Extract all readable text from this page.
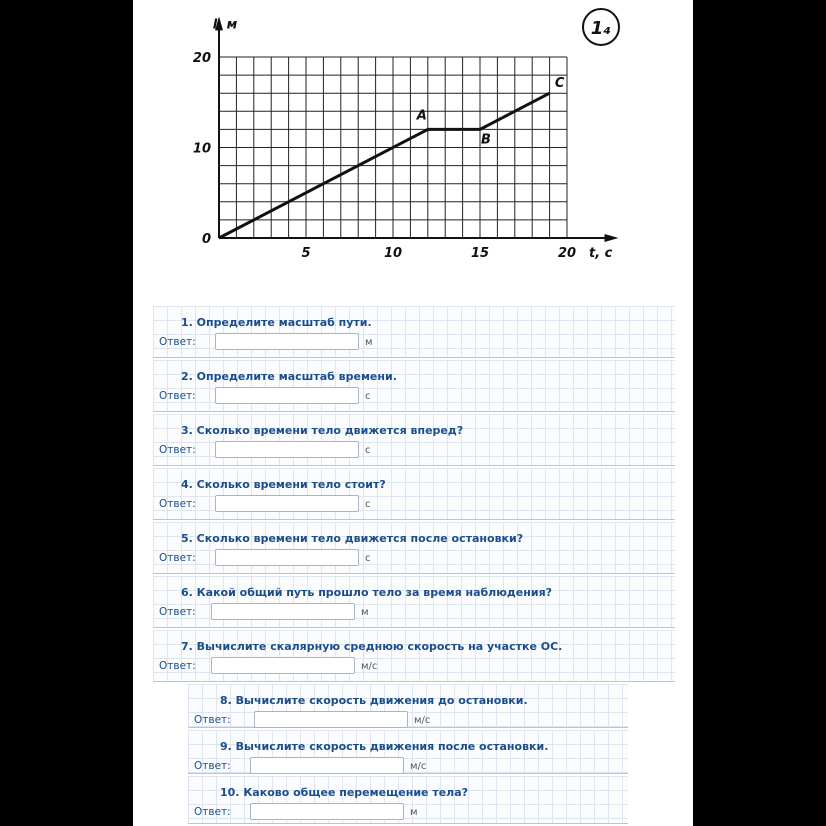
5	10	15	20
0
10
20
t, c
l, м
A
B
C
1₄
1. Определите масштаб пути.
Ответ:	м
2. Определите масштаб времени.
Ответ:	с
3. Сколько времени тело движется вперед?
Ответ:	с
4. Сколько времени тело стоит?
Ответ:	с
5. Сколько времени тело движется после остановки?
Ответ:	с
6. Какой общий путь прошло тело за время наблюдения?
Ответ:	м
7. Вычислите скалярную среднюю скорость на участке ОС.
Ответ:	м/с
8. Вычислите скорость движения до остановки.
Ответ:	м/с
9. Вычислите скорость движения после остановки.
Ответ:	м/с
10. Каково общее перемещение тела?
Ответ:	м
